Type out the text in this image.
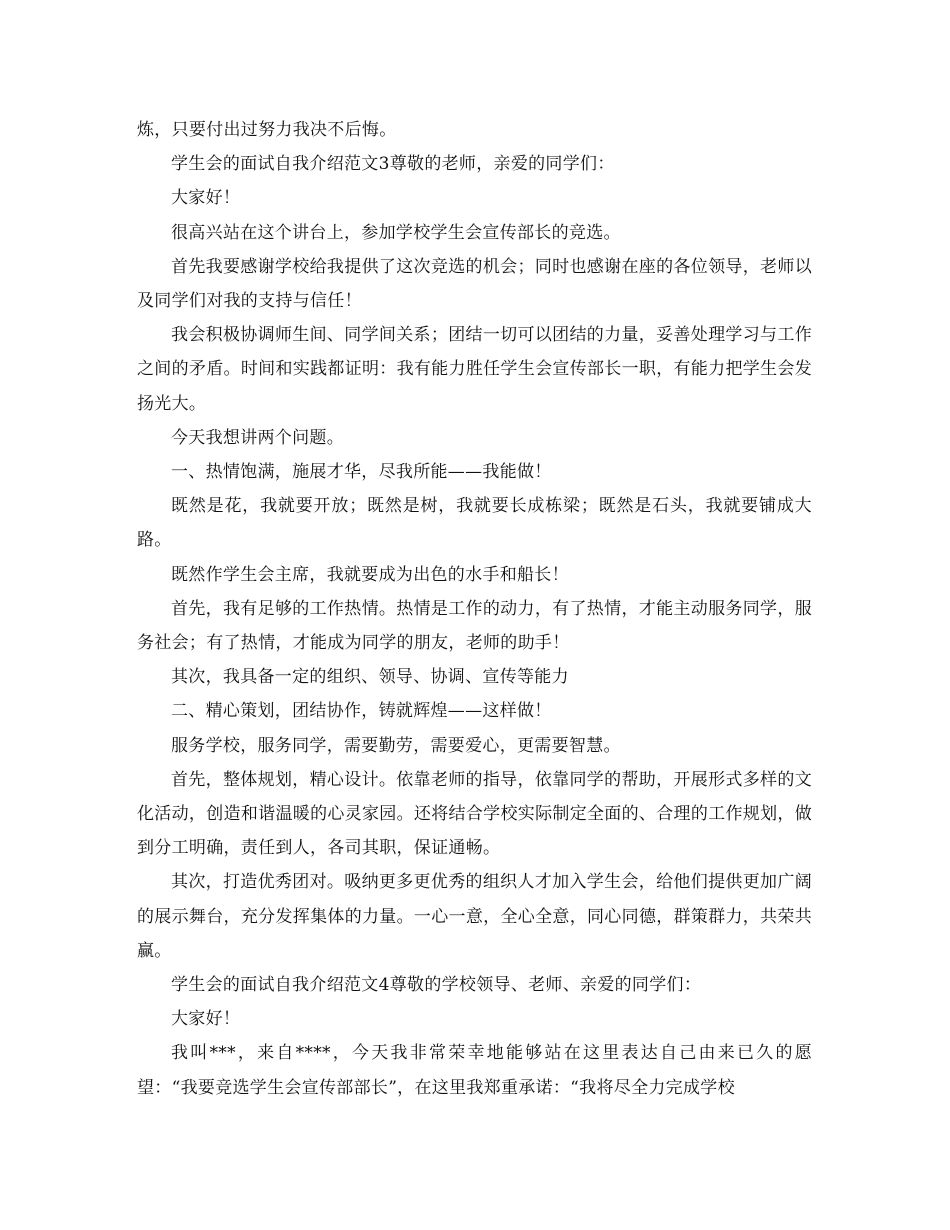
炼，只要付出过努力我决不后悔。

学生会的面试自我介绍范文3尊敬的老师，亲爱的同学们：

大家好！

很高兴站在这个讲台上，参加学校学生会宣传部长的竞选。

首先我要感谢学校给我提供了这次竞选的机会；同时也感谢在座的各位领导，老师以及同学们对我的支持与信任！

我会积极协调师生间、同学间关系；团结一切可以团结的力量，妥善处理学习与工作之间的矛盾。时间和实践都证明：我有能力胜任学生会宣传部长一职，有能力把学生会发扬光大。

今天我想讲两个问题。

一、热情饱满，施展才华，尽我所能——我能做！

既然是花，我就要开放；既然是树，我就要长成栋梁；既然是石头，我就要铺成大路。

既然作学生会主席，我就要成为出色的水手和船长！

首先，我有足够的工作热情。热情是工作的动力，有了热情，才能主动服务同学，服务社会；有了热情，才能成为同学的朋友，老师的助手！

其次，我具备一定的组织、领导、协调、宣传等能力

二、精心策划，团结协作，铸就辉煌——这样做！

服务学校，服务同学，需要勤劳，需要爱心，更需要智慧。

首先，整体规划，精心设计。依靠老师的指导，依靠同学的帮助，开展形式多样的文化活动，创造和谐温暖的心灵家园。还将结合学校实际制定全面的、合理的工作规划，做到分工明确，责任到人，各司其职，保证通畅。

其次，打造优秀团对。吸纳更多更优秀的组织人才加入学生会，给他们提供更加广阔的展示舞台，充分发挥集体的力量。一心一意，全心全意，同心同德，群策群力，共荣共赢。

学生会的面试自我介绍范文4尊敬的学校领导、老师、亲爱的同学们：

大家好！

我叫***，来自****，今天我非常荣幸地能够站在这里表达自己由来已久的愿望：“我要竞选学生会宣传部部长”，在这里我郑重承诺：“我将尽全力完成学校
